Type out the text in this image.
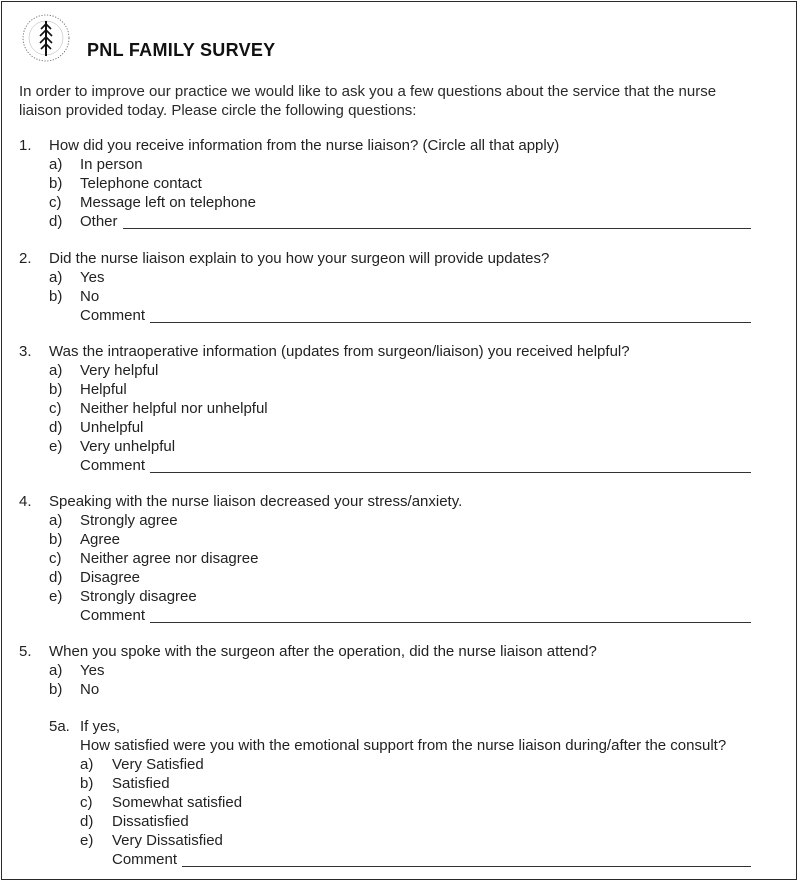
PNL FAMILY SURVEY
In order to improve our practice we would like to ask you a few questions about the service that the nurse liaison provided today. Please circle the following questions:
1. How did you receive information from the nurse liaison? (Circle all that apply)
a) In person
b) Telephone contact
c) Message left on telephone
d) Other
2. Did the nurse liaison explain to you how your surgeon will provide updates?
a) Yes
b) No
Comment
3. Was the intraoperative information (updates from surgeon/liaison) you received helpful?
a) Very helpful
b) Helpful
c) Neither helpful nor unhelpful
d) Unhelpful
e) Very unhelpful
Comment
4. Speaking with the nurse liaison decreased your stress/anxiety.
a) Strongly agree
b) Agree
c) Neither agree nor disagree
d) Disagree
e) Strongly disagree
Comment
5. When you spoke with the surgeon after the operation, did the nurse liaison attend?
a) Yes
b) No
5a. If yes,
How satisfied were you with the emotional support from the nurse liaison during/after the consult?
a) Very Satisfied
b) Satisfied
c) Somewhat satisfied
d) Dissatisfied
e) Very Dissatisfied
Comment
